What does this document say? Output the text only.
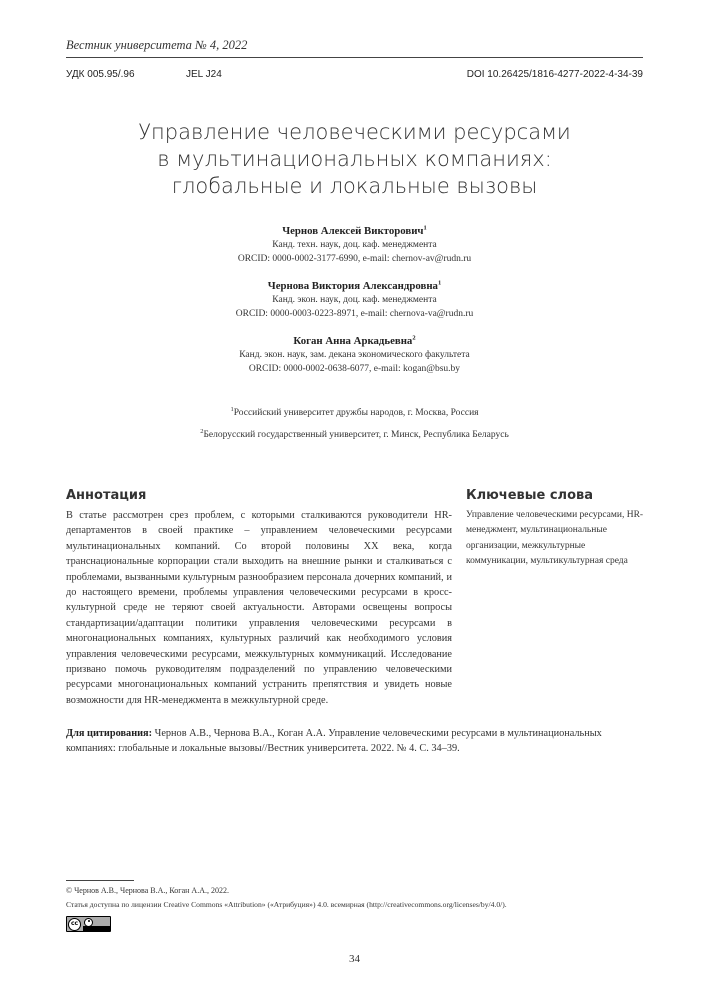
Вестник университета № 4, 2022
УДК 005.95/.96	JEL J24	DOI 10.26425/1816-4277-2022-4-34-39
Управление человеческими ресурсами
в мультинациональных компаниях:
глобальные и локальные вызовы
Чернов Алексей Викторович$^1$
Канд. техн. наук, доц. каф. менеджмента
ORCID: 0000-0002-3177-6990, e-mail: chernov-av@rudn.ru
Чернова Виктория Александровна$^1$
Канд. экон. наук, доц. каф. менеджмента
ORCID: 0000-0003-0223-8971, e-mail: chernova-va@rudn.ru
Коган Анна Аркадьевна$^2$
Канд. экон. наук, зам. декана экономического факультета
ORCID: 0000-0002-0638-6077, e-mail: kogan@bsu.by
$^1$Российский университет дружбы народов, г. Москва, Россия
$^2$Белорусский государственный университет, г. Минск, Республика Беларусь
Аннотация	Ключевые слова
В статье рассмотрен срез проблем, с которыми сталкиваются руководители HR-департаментов в своей практике – управлением человеческими ресурсами мультинациональных компаний. Со второй половины XX века, когда транснациональные корпорации стали выходить на внешние рынки и сталкиваться с проблемами, вызванными культурным разнообразием персонала дочерних компаний, и до настоящего времени, проблемы управления человеческими ресурсами в кросс-культурной среде не теряют своей актуальности. Авторами освещены вопросы стандартизации/адаптации политики управления человеческими ресурсами в многонациональных компаниях, культурных различий как необходимого условия управления человеческими ресурсами, межкультурных коммуникаций. Исследование призвано помочь руководителям подразделений по управлению человеческими ресурсами многонациональных компаний устранить препятствия и увидеть новые возможности для HR-менеджмента в межкультурной среде.
Управление человеческими ресурсами, HR-менеджмент, мультинациональные организации, межкультурные коммуникации, мультикультурная среда
Для цитирования: Чернов А.В., Чернова В.А., Коган А.А. Управление человеческими ресурсами в мультинациональных компаниях: глобальные и локальные вызовы//Вестник университета. 2022. № 4. С. 34–39.
© Чернов А.В., Чернова В.А., Коган А.А., 2022.
Статья доступна по лицензии Creative Commons «Attribution» («Атрибуция») 4.0. всемирная (http://creativecommons.org/licenses/by/4.0/).
cc
34
